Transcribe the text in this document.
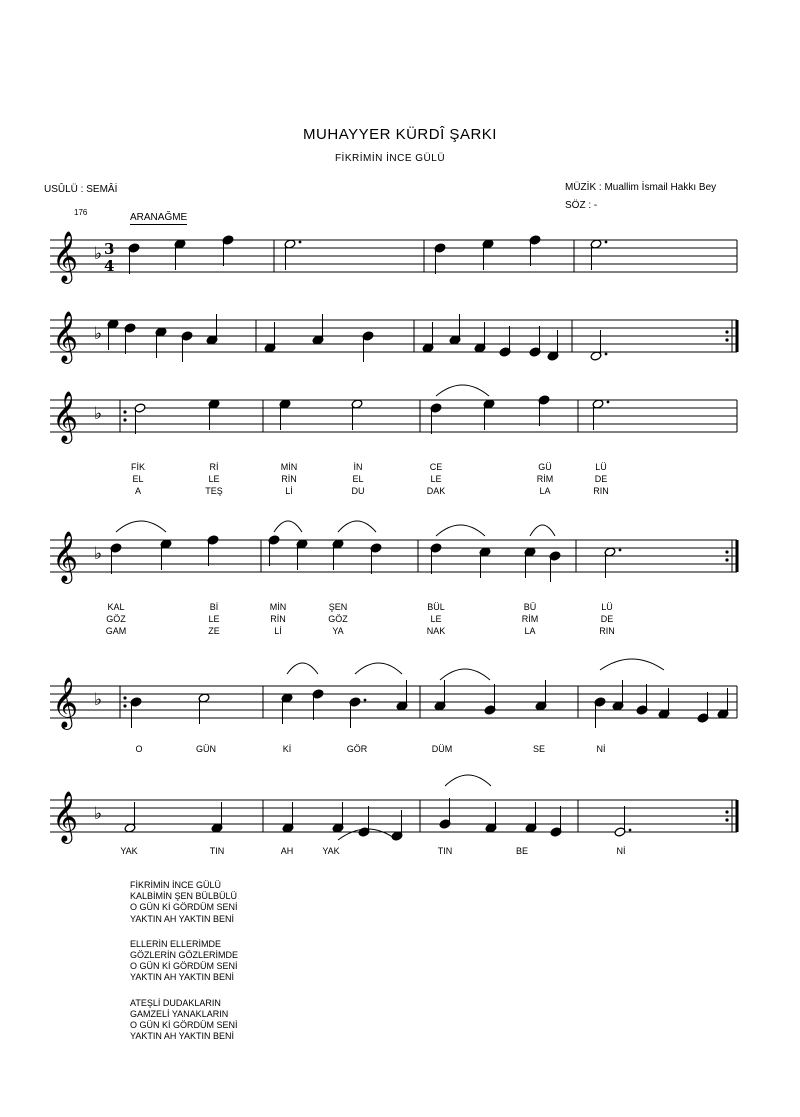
MUHAYYER KÜRDÎ ŞARKI
FİKRİMİN İNCE GÜLÜ
USÛLÜ : SEMÂİ
176
MÜZİK : Muallim İsmail Hakkı Bey
SÖZ : -
ARANAĞME
𝄞 ♭ 3
4
𝄞 ♭
𝄞 ♭
𝄞 ♭
𝄞 ♭
𝄞 ♭
FİK
EL
A
Rİ
LE
TEŞ
MİN
RİN
Lİ
İN
EL
DU
CE
LE
DAK
GÜ
RİM
LA
LÜ
DE
RIN
KAL
GÖZ
GAM
Bİ
LE
ZE
MİN
RİN
Lİ
ŞEN
GÖZ
YA
BÜL
LE
NAK
BÜ
RİM
LA
LÜ
DE
RIN
O	GÜN	Kİ	GÖR	DÜM	SE	Nİ
YAK	TIN	AH	YAK	TIN	BE	Nİ
FİKRİMİN İNCE GÜLÜ
KALBİMİN ŞEN BÜLBÜLÜ
O GÜN Kİ GÖRDÜM SENİ
YAKTIN AH YAKTIN BENİ
ELLERİN ELLERİMDE
GÖZLERİN GÖZLERİMDE
O GÜN Kİ GÖRDÜM SENİ
YAKTIN AH YAKTIN BENİ
ATEŞLİ DUDAKLARIN
GAMZELİ YANAKLARIN
O GÜN Kİ GÖRDÜM SENİ
YAKTIN AH YAKTIN BENİ
